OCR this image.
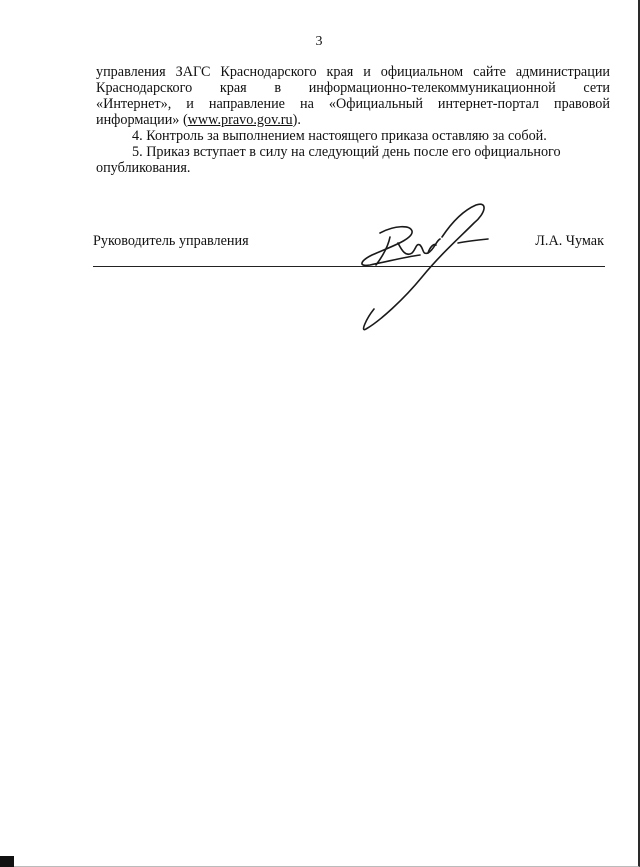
3
управления ЗАГС Краснодарского края и официальном сайте администрации
Краснодарского края в информационно-телекоммуникационной сети
«Интернет», и направление на «Официальный интернет-портал правовой
информации» (www.pravo.gov.ru).
4. Контроль за выполнением настоящего приказа оставляю за собой.
5. Приказ вступает в силу на следующий день после его официального
опубликования.
Руководитель управления	Л.А. Чумак
